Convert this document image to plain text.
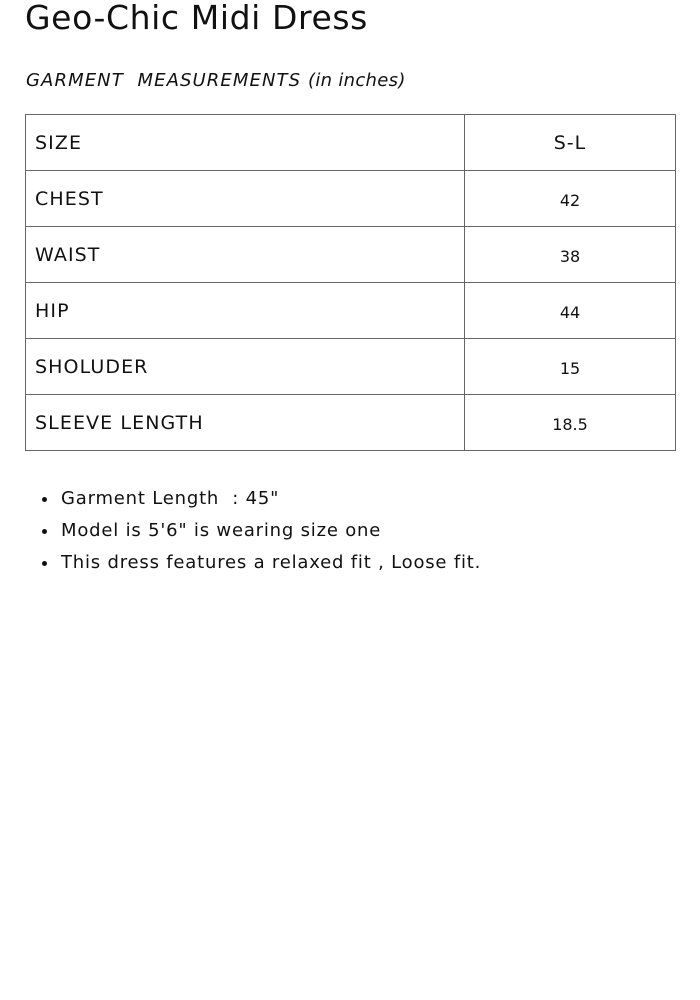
Geo-Chic Midi Dress

GARMENT  MEASUREMENTS (in inches)

SIZE	S-L
CHEST	42
WAIST	38
HIP	44
SHOLUDER	15
SLEEVE LENGTH	18.5
Garment Length  : 45"
Model is 5'6" is wearing size one
This dress features a relaxed fit , Loose fit.
